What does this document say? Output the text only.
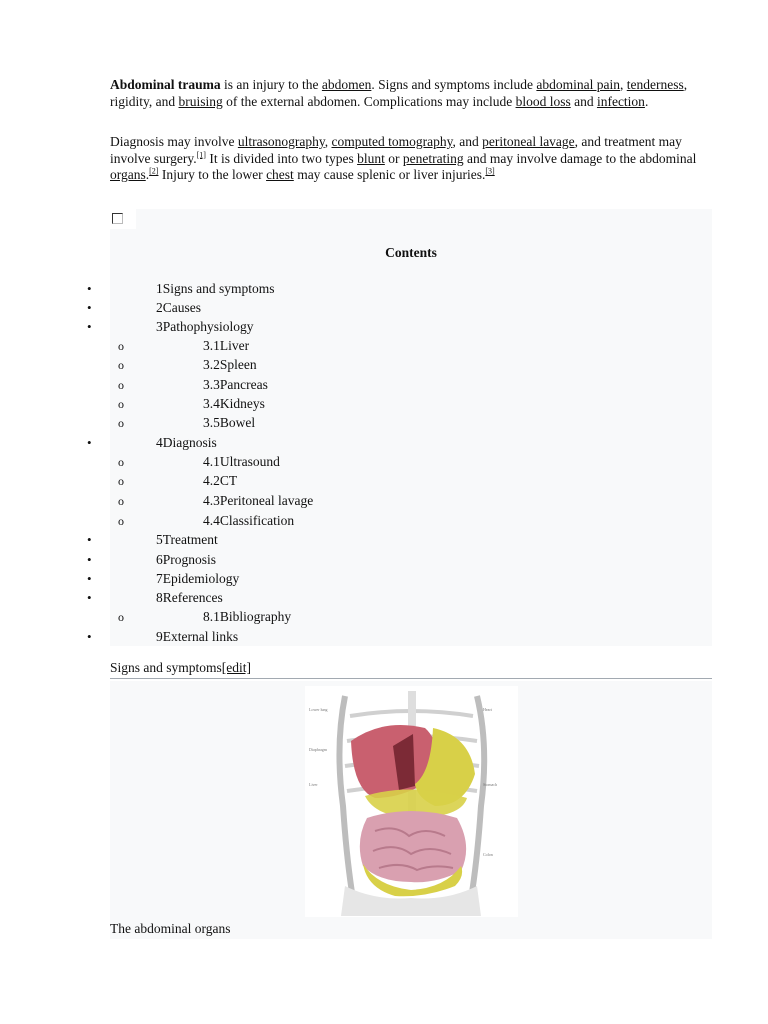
Abdominal trauma is an injury to the abdomen. Signs and symptoms include abdominal pain, tenderness, rigidity, and bruising of the external abdomen. Complications may include blood loss and infection.

Diagnosis may involve ultrasonography, computed tomography, and peritoneal lavage, and treatment may involve surgery.[1] It is divided into two types blunt or penetrating and may involve damage to the abdominal organs.[2] Injury to the lower chest may cause splenic or liver injuries.[3]

Contents
•	1Signs and symptoms
•	2Causes
•	3Pathophysiology
o	3.1Liver
o	3.2Spleen
o	3.3Pancreas
o	3.4Kidneys
o	3.5Bowel
•	4Diagnosis
o	4.1Ultrasound
o	4.2CT
o	4.3Peritoneal lavage
o	4.4Classification
•	5Treatment
•	6Prognosis
•	7Epidemiology
•	8References
o	8.1Bibliography
•	9External links
Signs and symptoms[edit]
Lower lung
Diaphragm
Liver
Heart
Stomach
Colon
The abdominal organs
